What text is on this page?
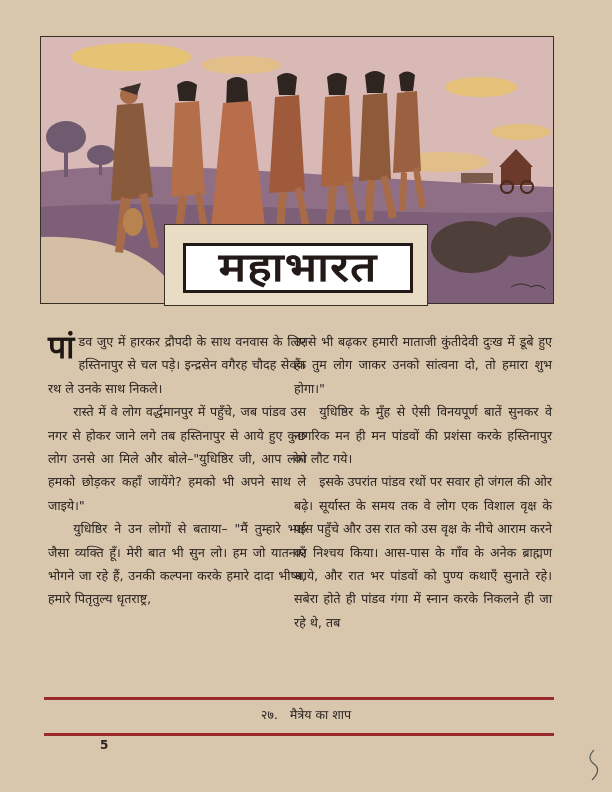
महाभारत

पांडव जुए में हारकर द्रौपदी के साथ वनवास के लिए हस्तिनापुर से चल पड़े। इन्द्रसेन वगैरह चौदह सेवक रथ ले उनके साथ निकले।

रास्ते में वे लोग वर्द्धमानपुर में पहुँचे, जब पांडव उस नगर से होकर जाने लगे तब हस्तिनापुर से आये हुए कुछ लोग उनसे आ मिले और बोले–"युधिष्ठिर जी, आप लोग हमको छोड़कर कहाँ जायेंगे? हमको भी अपने साथ ले जाइये।"

युधिष्ठिर ने उन लोगों से बताया– "मैं तुम्हारे भाई जैसा व्यक्ति हूँ। मेरी बात भी सुन लो। हम जो यातनाएँ भोगने जा रहे हैं, उनकी कल्पना करके हमारे दादा भीष्म, हमारे पितृतुल्य धृतराष्ट्र,

उनसे भी बढ़कर हमारी माताजी कुंतीदेवी दुःख में डूबे हुए हैं। तुम लोग जाकर उनको सांत्वना दो, तो हमारा शुभ होगा।"

युधिष्ठिर के मुँह से ऐसी विनयपूर्ण बातें सुनकर वे नागरिक मन ही मन पांडवों की प्रशंसा करके हस्तिनापुर को लौट गये।

इसके उपरांत पांडव रथों पर सवार हो जंगल की ओर बढ़े। सूर्यास्त के समय तक वे लोग एक विशाल वृक्ष के पास पहुँचे और उस रात को उस वृक्ष के नीचे आराम करने का निश्चय किया। आस-पास के गाँव के अनेक ब्राह्मण आये, और रात भर पांडवों को पुण्य कथाएँ सुनाते रहे। सबेरा होते ही पांडव गंगा में स्नान करके निकलने ही जा रहे थे, तब

२७. मैत्रेय का शाप
5
